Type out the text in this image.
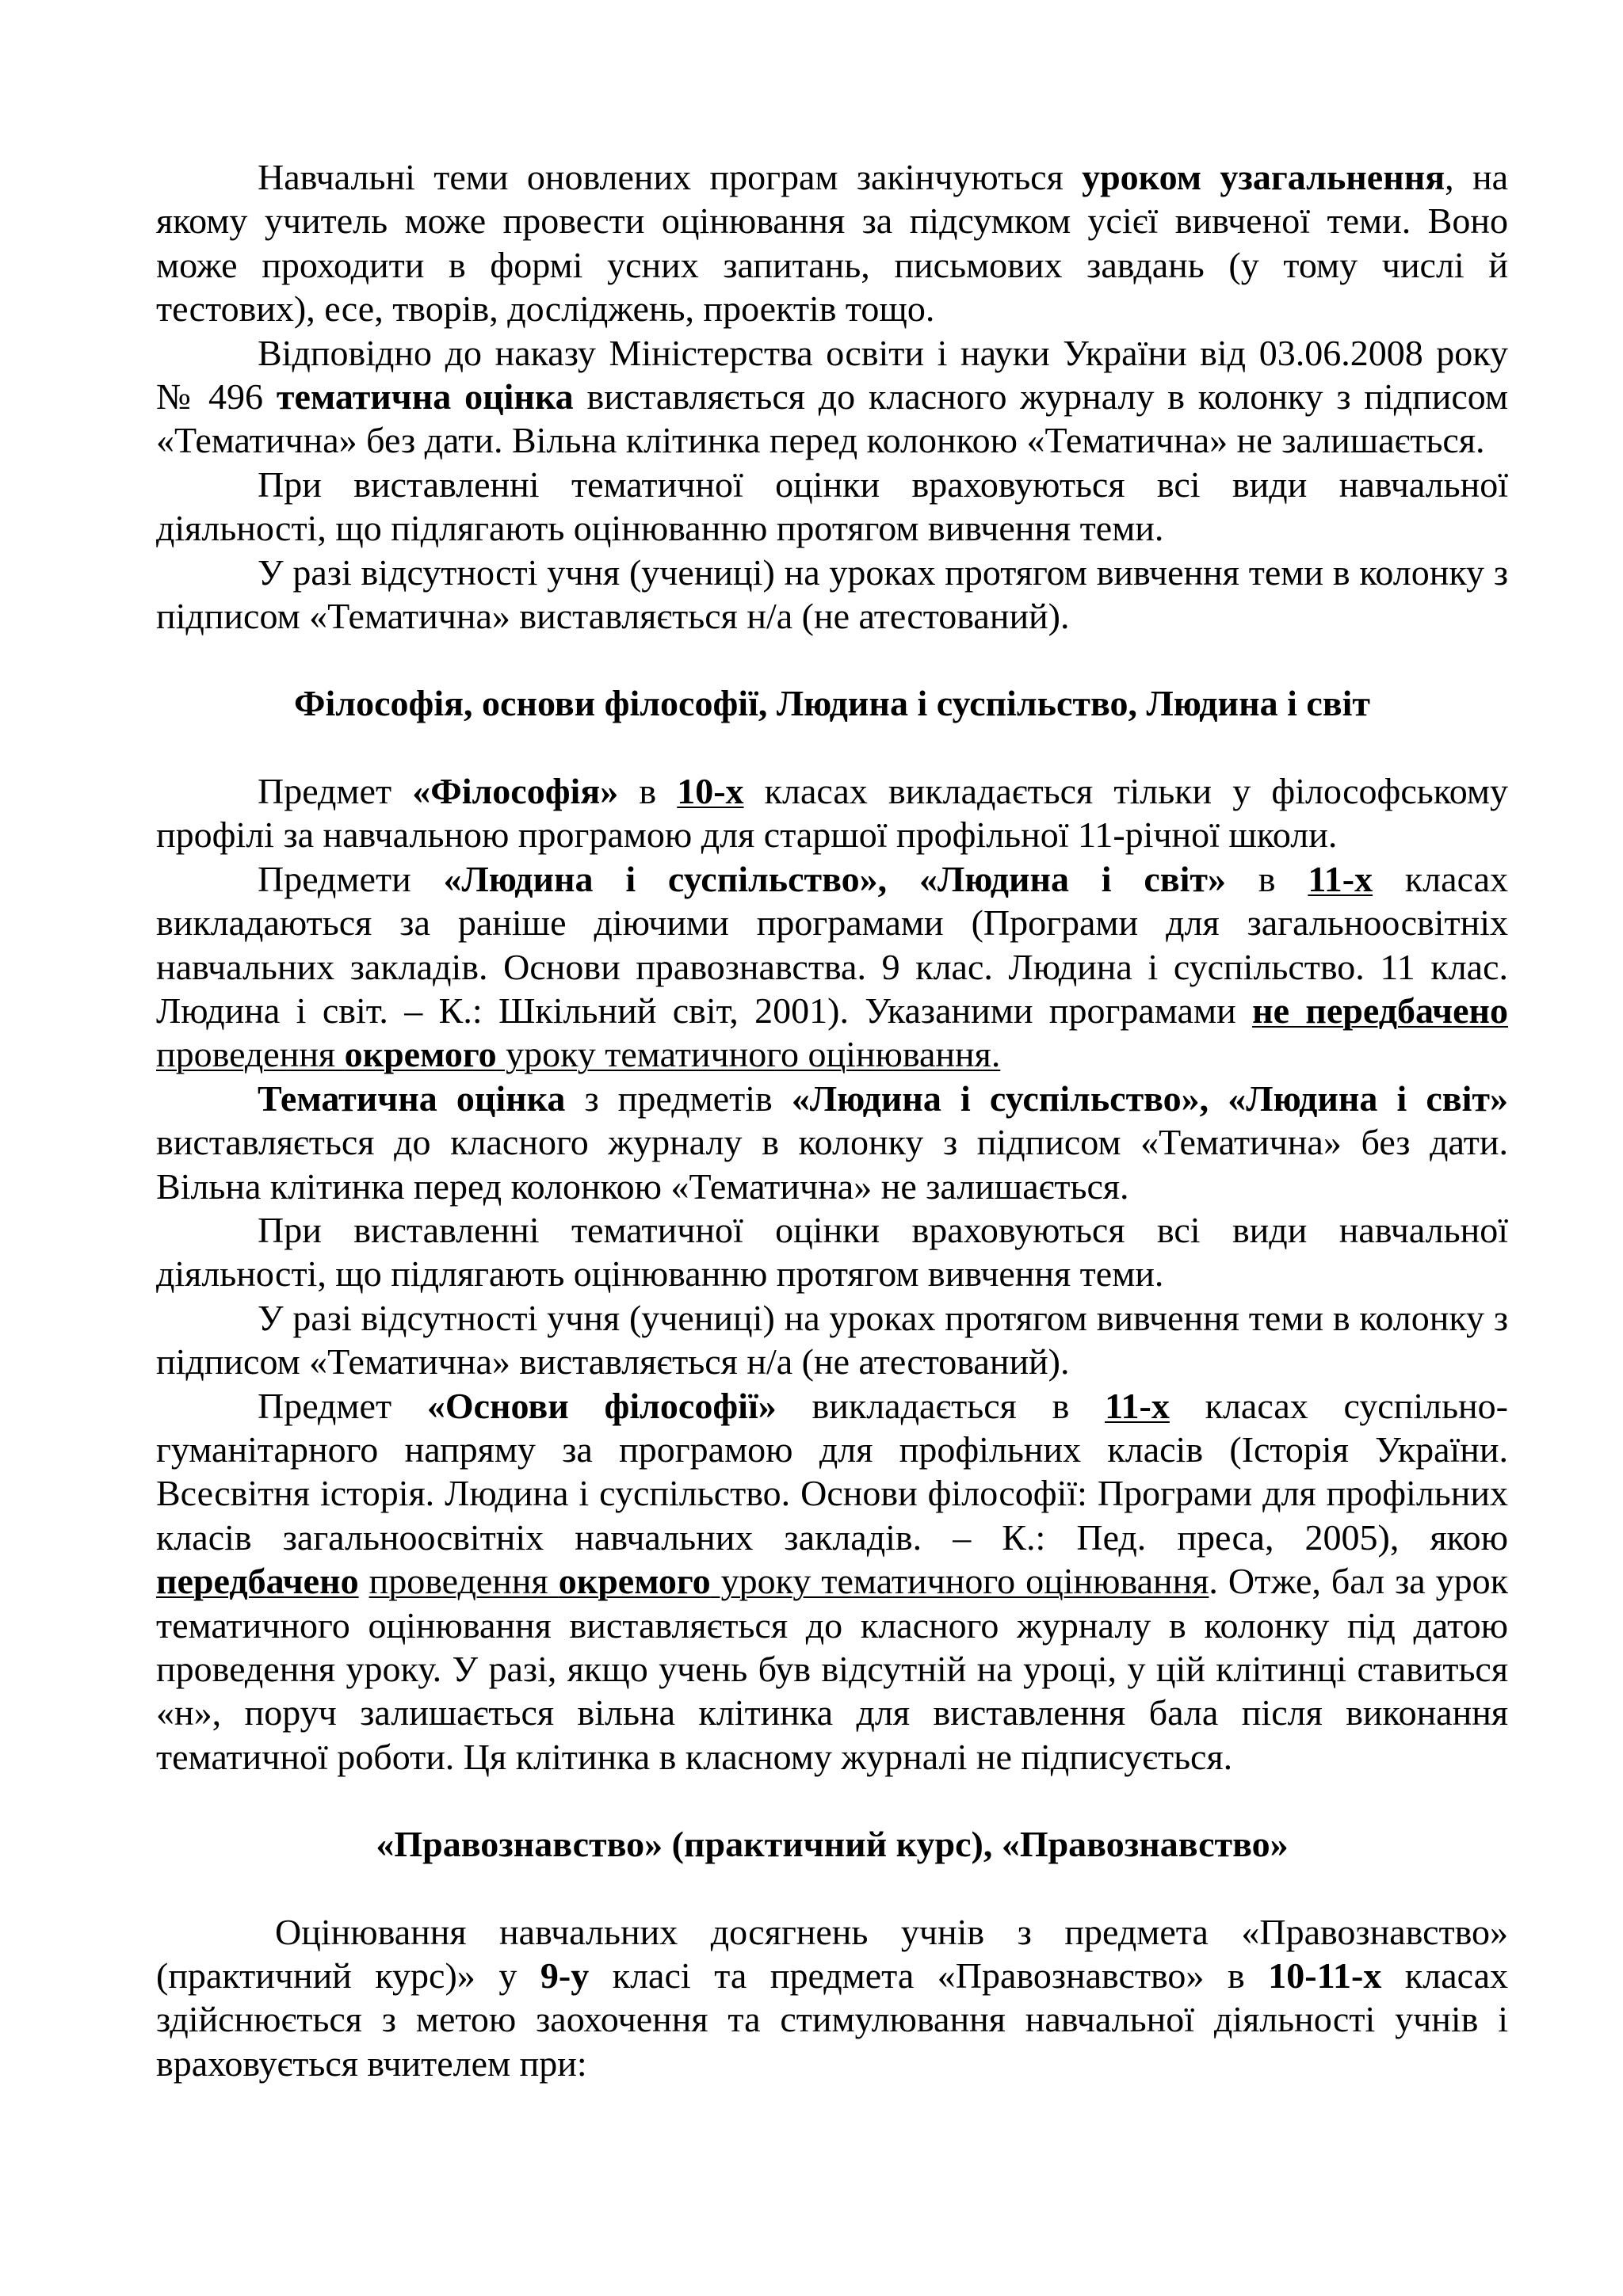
Навчальні теми оновлених програм закінчуються уроком узагальнення, на якому учитель може провести оцінювання за підсумком усієї вивченої теми. Воно може проходити в формі усних запитань, письмових завдань (у тому числі й тестових), есе, творів, досліджень, проектів тощо.

Відповідно до наказу Міністерства освіти і науки України від 03.06.2008 року № 496 тематична оцінка виставляється до класного журналу в колонку з підписом «Тематична» без дати. Вільна клітинка перед колонкою «Тематична» не залишається.

При виставленні тематичної оцінки враховуються всі види навчальної діяльності, що підлягають оцінюванню протягом вивчення теми.

У разі відсутності учня (учениці) на уроках протягом вивчення теми в колонку з підписом «Тематична» виставляється н/а (не атестований).

Філософія, основи філософії, Людина і суспільство, Людина і світ

Предмет «Філософія» в 10-х класах викладається тільки у філософському профілі за навчальною програмою для старшої профільної 11-річної школи.

Предмети «Людина і суспільство», «Людина і світ» в 11-х класах викладаються за раніше діючими програмами (Програми для загальноосвітніх навчальних закладів. Основи правознавства. 9 клас. Людина і суспільство. 11 клас. Людина і світ. – К.: Шкільний світ, 2001). Указаними програмами не передбачено проведення окремого уроку тематичного оцінювання.

Тематична оцінка з предметів «Людина і суспільство», «Людина і світ» виставляється до класного журналу в колонку з підписом «Тематична» без дати. Вільна клітинка перед колонкою «Тематична» не залишається.

При виставленні тематичної оцінки враховуються всі види навчальної діяльності, що підлягають оцінюванню протягом вивчення теми.

У разі відсутності учня (учениці) на уроках протягом вивчення теми в колонку з підписом «Тематична» виставляється н/а (не атестований).

Предмет «Основи філософії» викладається в 11-х класах суспільно-гуманітарного напряму за програмою для профільних класів (Історія України. Всесвітня історія. Людина і суспільство. Основи філософії: Програми для профільних класів загальноосвітніх навчальних закладів. – К.: Пед. преса, 2005), якою передбачено проведення окремого уроку тематичного оцінювання. Отже, бал за урок тематичного оцінювання виставляється до класного журналу в колонку під датою проведення уроку. У разі, якщо учень був відсутній на уроці, у цій клітинці ставиться «н», поруч залишається вільна клітинка для виставлення бала після виконання тематичної роботи. Ця клітинка в класному журналі не підписується.

«Правознавство» (практичний курс), «Правознавство»

Оцінювання навчальних досягнень учнів з предмета «Правознавство» (практичний курс)» у 9-у класі та предмета «Правознавство» в 10-11-х класах здійснюється з метою заохочення та стимулювання навчальної діяльності учнів і враховується вчителем при:
